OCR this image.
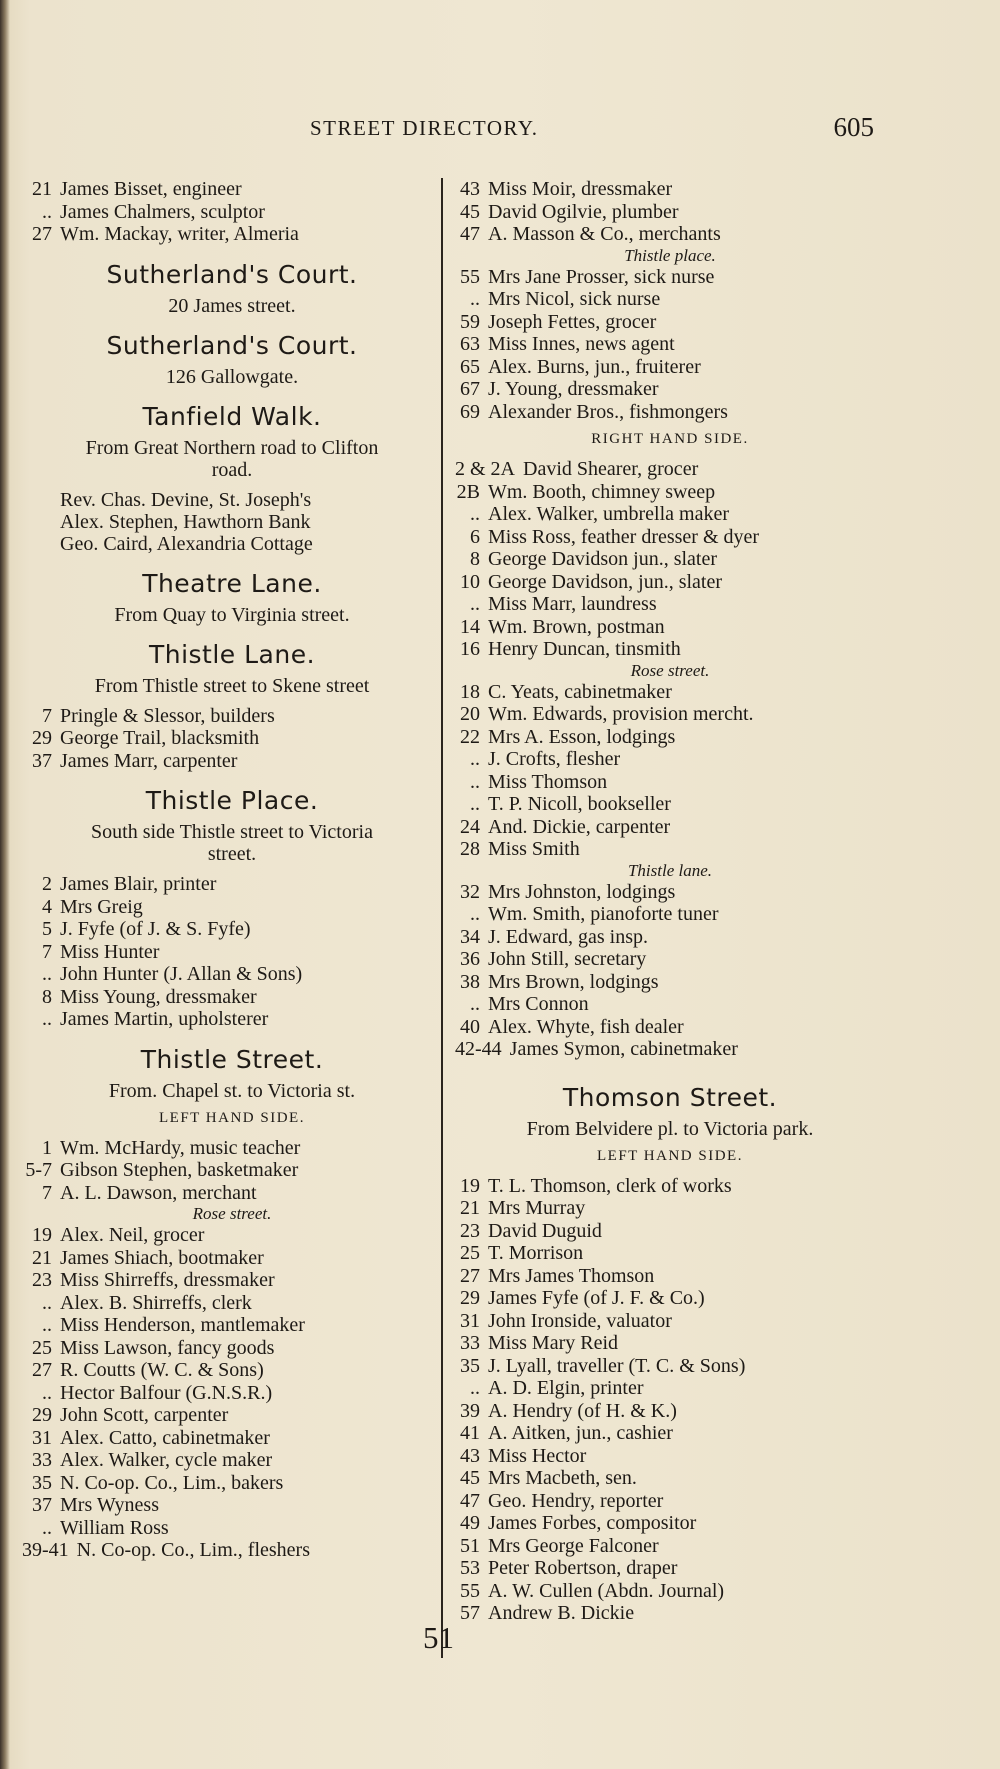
STREET DIRECTORY.	605
21 James Bisset, engineer
.. James Chalmers, sculptor
27 Wm. Mackay, writer, Almeria
Sutherland's Court.
20 James street.
Sutherland's Court.
126 Gallowgate.
Tanfield Walk.
From Great Northern road to Clifton
road.
Rev. Chas. Devine, St. Joseph's
Alex. Stephen, Hawthorn Bank
Geo. Caird, Alexandria Cottage
Theatre Lane.
From Quay to Virginia street.
Thistle Lane.
From Thistle street to Skene street
7 Pringle & Slessor, builders
29 George Trail, blacksmith
37 James Marr, carpenter
Thistle Place.
South side Thistle street to Victoria
street.
2 James Blair, printer
4 Mrs Greig
5 J. Fyfe (of J. & S. Fyfe)
7 Miss Hunter
.. John Hunter (J. Allan & Sons)
8 Miss Young, dressmaker
.. James Martin, upholsterer
Thistle Street.
From. Chapel st. to Victoria st.
LEFT HAND SIDE.
1 Wm. McHardy, music teacher
5-7 Gibson Stephen, basketmaker
7 A. L. Dawson, merchant
Rose street.
19 Alex. Neil, grocer
21 James Shiach, bootmaker
23 Miss Shirreffs, dressmaker
.. Alex. B. Shirreffs, clerk
.. Miss Henderson, mantlemaker
25 Miss Lawson, fancy goods
27 R. Coutts (W. C. & Sons)
.. Hector Balfour (G.N.S.R.)
29 John Scott, carpenter
31 Alex. Catto, cabinetmaker
33 Alex. Walker, cycle maker
35 N. Co-op. Co., Lim., bakers
37 Mrs Wyness
.. William Ross
39-41 N. Co-op. Co., Lim., fleshers
43 Miss Moir, dressmaker
45 David Ogilvie, plumber
47 A. Masson & Co., merchants
Thistle place.
55 Mrs Jane Prosser, sick nurse
.. Mrs Nicol, sick nurse
59 Joseph Fettes, grocer
63 Miss Innes, news agent
65 Alex. Burns, jun., fruiterer
67 J. Young, dressmaker
69 Alexander Bros., fishmongers
RIGHT HAND SIDE.
2 & 2A David Shearer, grocer
2B Wm. Booth, chimney sweep
.. Alex. Walker, umbrella maker
6 Miss Ross, feather dresser & dyer
8 George Davidson jun., slater
10 George Davidson, jun., slater
.. Miss Marr, laundress
14 Wm. Brown, postman
16 Henry Duncan, tinsmith
Rose street.
18 C. Yeats, cabinetmaker
20 Wm. Edwards, provision mercht.
22 Mrs A. Esson, lodgings
.. J. Crofts, flesher
.. Miss Thomson
.. T. P. Nicoll, bookseller
24 And. Dickie, carpenter
28 Miss Smith
Thistle lane.
32 Mrs Johnston, lodgings
.. Wm. Smith, pianoforte tuner
34 J. Edward, gas insp.
36 John Still, secretary
38 Mrs Brown, lodgings
.. Mrs Connon
40 Alex. Whyte, fish dealer
42-44 James Symon, cabinetmaker
Thomson Street.
From Belvidere pl. to Victoria park.
LEFT HAND SIDE.
19 T. L. Thomson, clerk of works
21 Mrs Murray
23 David Duguid
25 T. Morrison
27 Mrs James Thomson
29 James Fyfe (of J. F. & Co.)
31 John Ironside, valuator
33 Miss Mary Reid
35 J. Lyall, traveller (T. C. & Sons)
.. A. D. Elgin, printer
39 A. Hendry (of H. & K.)
41 A. Aitken, jun., cashier
43 Miss Hector
45 Mrs Macbeth, sen.
47 Geo. Hendry, reporter
49 James Forbes, compositor
51 Mrs George Falconer
53 Peter Robertson, draper
55 A. W. Cullen (Abdn. Journal)
57 Andrew B. Dickie
51
